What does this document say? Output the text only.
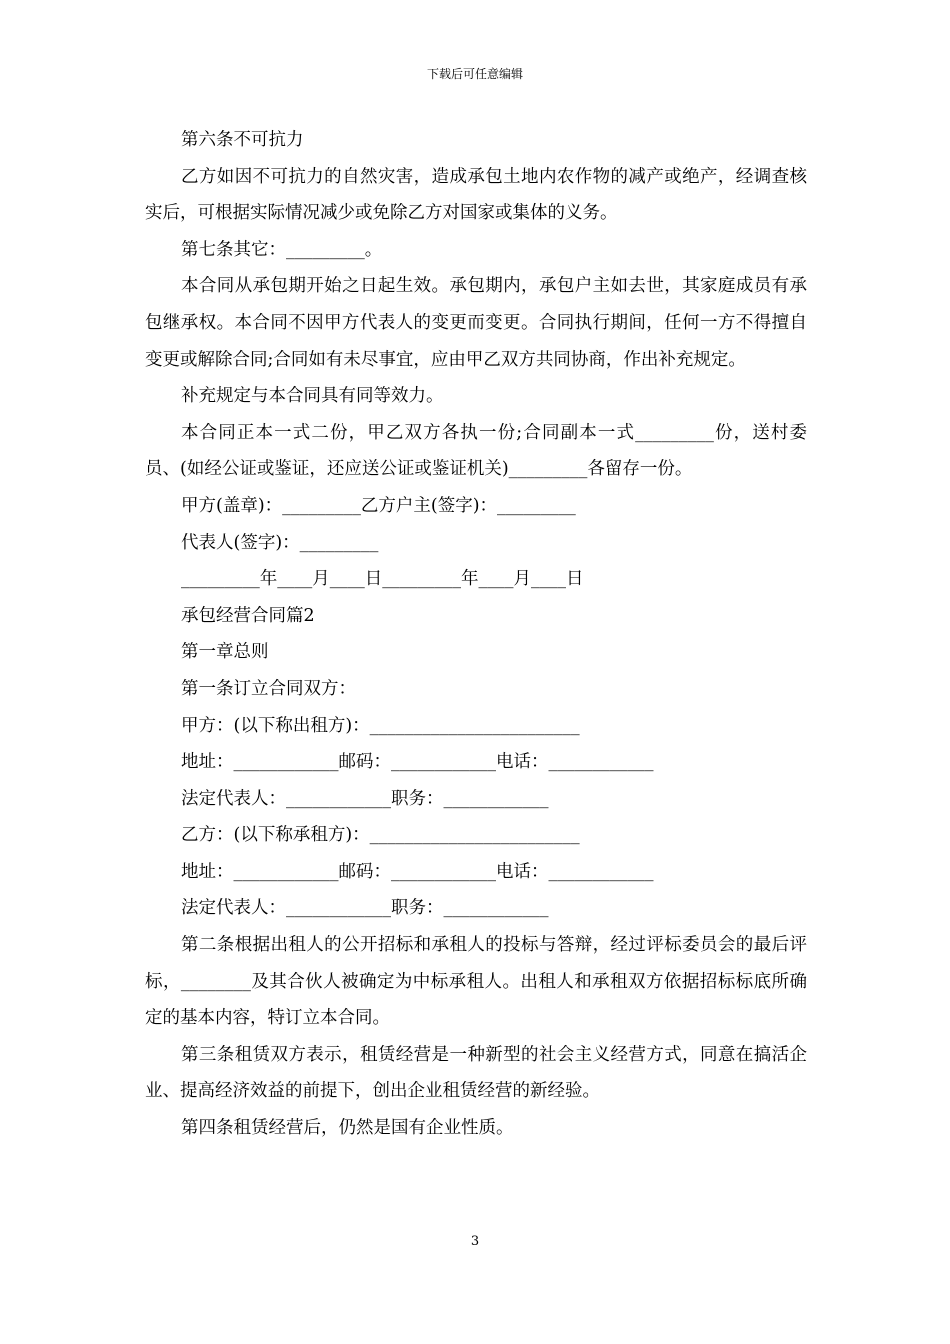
下载后可任意编辑

第六条不可抗力

乙方如因不可抗力的自然灾害，造成承包土地内农作物的减产或绝产，经调查核实后，可根据实际情况减少或免除乙方对国家或集体的义务。

第七条其它：_________。

本合同从承包期开始之日起生效。承包期内，承包户主如去世，其家庭成员有承包继承权。本合同不因甲方代表人的变更而变更。合同执行期间，任何一方不得擅自变更或解除合同;合同如有未尽事宜，应由甲乙双方共同协商，作出补充规定。

补充规定与本合同具有同等效力。

本合同正本一式二份，甲乙双方各执一份;合同副本一式_________份，送村委员、(如经公证或鉴证，还应送公证或鉴证机关)_________各留存一份。

甲方(盖章)：_________乙方户主(签字)：_________

代表人(签字)：_________

_________年____月____日_________年____月____日

承包经营合同篇2

第一章总则

第一条订立合同双方：

甲方：(以下称出租方)：________________________

地址：____________邮码：____________电话：____________

法定代表人：____________职务：____________

乙方：(以下称承租方)：________________________

地址：____________邮码：____________电话：____________

法定代表人：____________职务：____________

第二条根据出租人的公开招标和承租人的投标与答辩，经过评标委员会的最后评标，________及其合伙人被确定为中标承租人。出租人和承租双方依据招标标底所确定的基本内容，特订立本合同。

第三条租赁双方表示，租赁经营是一种新型的社会主义经营方式，同意在搞活企业、提高经济效益的前提下，创出企业租赁经营的新经验。

第四条租赁经营后，仍然是国有企业性质。

3
